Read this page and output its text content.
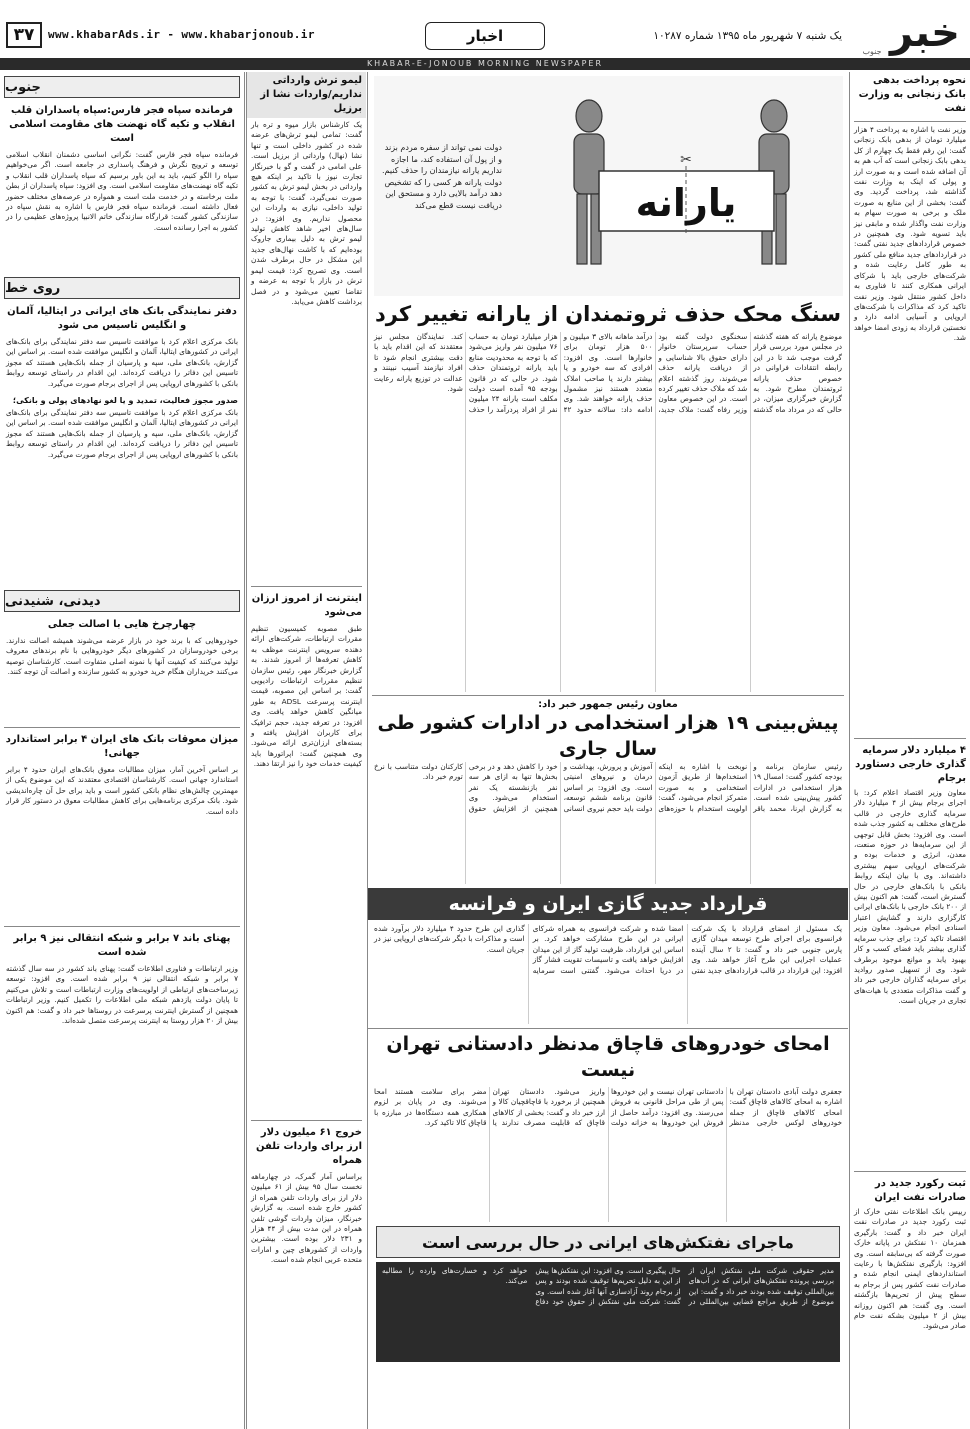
۳۷	www.khabarAds.ir - www.khabarjonoub.ir	اخبار	یک شنبه ۷ شهریور ماه ۱۳۹۵ شماره ۱۰۲۸۷ خبر
جنوب
KHABAR-E-JONOUB MORNING NEWSPAPER
نحوه پرداخت بدهی بانک زنجانی به وزارت نفت
وزیر نفت با اشاره به پرداخت ۴ هزار میلیارد تومان از بدهی بابک زنجانی گفت: این رقم فقط یک چهارم از کل بدهی بابک زنجانی است که آب هم به آن اضافه شده است و به صورت ارز و پولی که اینک به وزارت نفت گذاشته شد، پرداخت گردید. وی گفت: بخشی از این منابع به صورت ملک و برخی به صورت سهام به وزارت نفت واگذار شده و مابقی نیز باید تسویه شود. وی همچنین در خصوص قراردادهای جدید نفتی گفت: در قراردادهای جدید منافع ملی کشور به طور کامل رعایت شده و شرکت‌های خارجی باید با شرکای ایرانی همکاری کنند تا فناوری به داخل کشور منتقل شود. وزیر نفت تاکید کرد که مذاکرات با شرکت‌های اروپایی و آسیایی ادامه دارد و نخستین قرارداد به زودی امضا خواهد شد.
۴ میلیارد دلار سرمایه گذاری خارجی دستاورد برجام
معاون وزیر اقتصاد اعلام کرد: با اجرای برجام بیش از ۴ میلیارد دلار سرمایه گذاری خارجی در قالب طرح‌های مختلف به کشور جذب شده است. وی افزود: بخش قابل توجهی از این سرمایه‌ها در حوزه صنعت، معدن، انرژی و خدمات بوده و شرکت‌های اروپایی سهم بیشتری داشته‌اند. وی با بیان اینکه روابط بانکی با بانک‌های خارجی در حال گسترش است، گفت: هم اکنون بیش از ۲۰۰ بانک خارجی با بانک‌های ایرانی کارگزاری دارند و گشایش اعتبار اسنادی انجام می‌شود. معاون وزیر اقتصاد تاکید کرد: برای جذب سرمایه گذاری بیشتر باید فضای کسب و کار بهبود یابد و موانع موجود برطرف شود. وی از تسهیل صدور روادید برای سرمایه گذاران خارجی خبر داد و گفت مذاکرات متعددی با هیات‌های تجاری در جریان است.
ثبت رکورد جدید در صادرات نفت ایران
رییس بانک اطلاعات نفتی خارک از ثبت رکورد جدید در صادرات نفت ایران خبر داد و گفت: بارگیری همزمان ۱۰ نفتکش در پایانه خارک صورت گرفته که بی‌سابقه است. وی افزود: بارگیری نفتکش‌ها با رعایت استانداردهای ایمنی انجام شده و صادرات نفت کشور پس از برجام به سطح پیش از تحریم‌ها بازگشته است. وی گفت: هم اکنون روزانه بیش از ۲ میلیون بشکه نفت خام صادر می‌شود.
یارانه
✂
دولت نمی تواند از سفره مردم بزند و از پول آن استفاده کند، ما اجازه نداریم یارانه نیازمندان را حذف کنیم. دولت یارانه هر کسی را که تشخیص دهد درآمد بالایی دارد و مستحق این دریافت نیست قطع می‌کند
سنگ محک حذف ثروتمندان از یارانه تغییر کرد
موضوع یارانه که هفته گذشته در مجلس مورد بررسی قرار گرفت موجب شد تا در این رابطه انتقادات فراوانی در خصوص حذف یارانه ثروتمندان مطرح شود. به گزارش خبرگزاری میزان، در حالی که در مرداد ماه گذشته سخنگوی دولت گفته بود حساب سرپرستان خانوار دارای حقوق بالا شناسایی و از دریافت یارانه حذف می‌شوند، روز گذشته اعلام شد که ملاک حذف تغییر کرده است. در این خصوص معاون وزیر رفاه گفت: ملاک جدید، درآمد ماهانه بالای ۳ میلیون و ۵۰۰ هزار تومان برای خانوارها است. وی افزود: افرادی که سه خودرو و یا بیشتر دارند یا صاحب املاک متعدد هستند نیز مشمول حذف یارانه خواهند شد. وی ادامه داد: سالانه حدود ۴۲ هزار میلیارد تومان به حساب ۷۶ میلیون نفر واریز می‌شود که با توجه به محدودیت منابع باید یارانه ثروتمندان حذف شود. در حالی که در قانون بودجه ۹۵ آمده است دولت مکلف است یارانه ۲۴ میلیون نفر از افراد پردرآمد را حذف کند. نمایندگان مجلس نیز معتقدند که این اقدام باید با دقت بیشتری انجام شود تا افراد نیازمند آسیب نبینند و عدالت در توزیع یارانه رعایت شود.
معاون رئیس جمهور خبر داد:
پیش‌بینی ۱۹ هزار استخدامی در ادارات کشور طی سال جاری
رئیس سازمان برنامه و بودجه کشور گفت: امسال ۱۹ هزار استخدامی در ادارات کشور پیش‌بینی شده است. به گزارش ایرنا، محمد باقر نوبخت با اشاره به اینکه استخدام‌ها از طریق آزمون استخدامی و به صورت متمرکز انجام می‌شود، گفت: اولویت استخدام با حوزه‌های آموزش و پرورش، بهداشت و درمان و نیروهای امنیتی است. وی افزود: بر اساس قانون برنامه ششم توسعه، دولت باید حجم نیروی انسانی خود را کاهش دهد و در برخی بخش‌ها تنها به ازای هر سه نفر بازنشسته یک نفر استخدام می‌شود. وی همچنین از افزایش حقوق کارکنان دولت متناسب با نرخ تورم خبر داد.
قرارداد جدید گازی ایران و فرانسه
یک مسئول از امضای قرارداد با یک شرکت فرانسوی برای اجرای طرح توسعه میدان گازی پارس جنوبی خبر داد و گفت: تا ۲ سال آینده عملیات اجرایی این طرح آغاز خواهد شد. وی افزود: این قرارداد در قالب قراردادهای جدید نفتی امضا شده و شرکت فرانسوی به همراه شرکای ایرانی در این طرح مشارکت خواهد کرد. بر اساس این قرارداد، ظرفیت تولید گاز از این میدان افزایش خواهد یافت و تاسیسات تقویت فشار گاز در دریا احداث می‌شود. گفتنی است سرمایه گذاری این طرح حدود ۴ میلیارد دلار برآورد شده است و مذاکرات با دیگر شرکت‌های اروپایی نیز در جریان است.
امحای خودروهای قاچاق مدنظر دادستانی تهران نیست
جعفری دولت آبادی دادستان تهران با اشاره به امحای کالاهای قاچاق گفت: امحای کالاهای قاچاق از جمله خودروهای لوکس خارجی مدنظر دادستانی تهران نیست و این خودروها پس از طی مراحل قانونی به فروش می‌رسند. وی افزود: درآمد حاصل از فروش این خودروها به خزانه دولت واریز می‌شود. دادستان تهران همچنین از برخورد با قاچاقچیان کالا و ارز خبر داد و گفت: بخشی از کالاهای قاچاق که قابلیت مصرف ندارند یا مضر برای سلامت هستند امحا می‌شوند. وی در پایان بر لزوم همکاری همه دستگاه‌ها در مبارزه با قاچاق کالا تاکید کرد.
ماجرای نفتکش‌های ایرانی در حال بررسی است
مدیر حقوقی شرکت ملی نفتکش ایران از بررسی پرونده نفتکش‌های ایرانی که در آب‌های بین‌المللی توقیف شده بودند خبر داد و گفت: این موضوع از طریق مراجع قضایی بین‌المللی در حال پیگیری است. وی افزود: این نفتکش‌ها پیش از این به دلیل تحریم‌ها توقیف شده بودند و پس از برجام روند آزادسازی آنها آغاز شده است. وی گفت: شرکت ملی نفتکش از حقوق خود دفاع خواهد کرد و خسارت‌های وارده را مطالبه می‌کند.
لیمو ترش وارداتی نداریم/واردات نشا از برزیل
یک کارشناس بازار میوه و تره بار گفت: تمامی لیمو ترش‌های عرضه شده در کشور داخلی است و تنها نشا (نهال) وارداتی از برزیل است. علی امامی در گفت و گو با خبرنگار تجارت نیوز با تاکید بر اینکه هیچ وارداتی در بخش لیمو ترش به کشور صورت نمی‌گیرد، گفت: با توجه به تولید داخلی، نیازی به واردات این محصول نداریم. وی افزود: در سال‌های اخیر شاهد کاهش تولید لیمو ترش به دلیل بیماری جاروک بوده‌ایم که با کاشت نهال‌های جدید این مشکل در حال برطرف شدن است. وی تصریح کرد: قیمت لیمو ترش در بازار با توجه به عرضه و تقاضا تعیین می‌شود و در فصل برداشت کاهش می‌یابد.
اینترنت از امروز ارزان می‌شود
طبق مصوبه کمیسیون تنظیم مقررات ارتباطات، شرکت‌های ارائه دهنده سرویس اینترنت موظف به کاهش تعرفه‌ها از امروز شدند. به گزارش خبرنگار مهر، رئیس سازمان تنظیم مقررات ارتباطات رادیویی گفت: بر اساس این مصوبه، قیمت اینترنت پرسرعت ADSL به طور میانگین کاهش خواهد یافت. وی افزود: در تعرفه جدید، حجم ترافیک برای کاربران افزایش یافته و بسته‌های ارزان‌تری ارائه می‌شود. وی همچنین گفت: اپراتورها باید کیفیت خدمات خود را نیز ارتقا دهند.
خروج ۶۱ میلیون دلار ارز برای واردات تلفن همراه
براساس آمار گمرک، در چهارماهه نخست سال ۹۵ بیش از ۶۱ میلیون دلار ارز برای واردات تلفن همراه از کشور خارج شده است. به گزارش خبرنگار، میزان واردات گوشی تلفن همراه در این مدت بیش از ۴۴ هزار و ۲۳۱ دلار بوده است. بیشترین واردات از کشورهای چین و امارات متحده عربی انجام شده است.
جنوب
فرمانده سپاه فجر فارس:سپاه پاسداران قلب انقلاب و تکیه گاه نهضت های مقاومت اسلامی است
فرمانده سپاه فجر فارس گفت: نگرانی اساسی دشمنان انقلاب اسلامی توسعه و ترویج نگرش و فرهنگ پاسداری در جامعه است. اگر می‌خواهیم سپاه را الگو کنیم، باید به این باور برسیم که سپاه پاسداران قلب انقلاب و تکیه گاه نهضت‌های مقاومت اسلامی است. وی افزود: سپاه پاسداران از بطن ملت برخاسته و در خدمت ملت است و همواره در عرصه‌های مختلف حضور فعال داشته است. فرمانده سپاه فجر فارس با اشاره به نقش سپاه در سازندگی کشور گفت: قرارگاه سازندگی خاتم الانبیا پروژه‌های عظیمی را در کشور به اجرا رسانده است.
روی خط
دفتر نمایندگی بانک های ایرانی در ایتالیا، آلمان و انگلیس تاسیس می شود
بانک مرکزی اعلام کرد با موافقت تاسیس سه دفتر نمایندگی برای بانک‌های ایرانی در کشورهای ایتالیا، آلمان و انگلیس موافقت شده است. بر اساس این گزارش، بانک‌های ملی، سپه و پارسیان از جمله بانک‌هایی هستند که مجوز تاسیس این دفاتر را دریافت کرده‌اند. این اقدام در راستای توسعه روابط بانکی با کشورهای اروپایی پس از اجرای برجام صورت می‌گیرد.
صدور مجوز فعالیت، تمدید و یا لغو نهادهای پولی و بانکی؛
بانک مرکزی اعلام کرد با موافقت تاسیس سه دفتر نمایندگی برای بانک‌های ایرانی در کشورهای ایتالیا، آلمان و انگلیس موافقت شده است. بر اساس این گزارش، بانک‌های ملی، سپه و پارسیان از جمله بانک‌هایی هستند که مجوز تاسیس این دفاتر را دریافت کرده‌اند. این اقدام در راستای توسعه روابط بانکی با کشورهای اروپایی پس از اجرای برجام صورت می‌گیرد.
دیدنی، شنیدنی
چهارچرخ هایی با اصالت جعلی
خودروهایی که با برند خود در بازار عرضه می‌شوند همیشه اصالت ندارند. برخی خودروسازان در کشورهای دیگر خودروهایی با نام برندهای معروف تولید می‌کنند که کیفیت آنها با نمونه اصلی متفاوت است. کارشناسان توصیه می‌کنند خریداران هنگام خرید خودرو به کشور سازنده و اصالت آن توجه کنند.
میزان معوقات بانک های ایران ۴ برابر استاندارد جهانی!
بر اساس آخرین آمار، میزان مطالبات معوق بانک‌های ایران حدود ۴ برابر استاندارد جهانی است. کارشناسان اقتصادی معتقدند که این موضوع یکی از مهمترین چالش‌های نظام بانکی کشور است و باید برای حل آن چاره‌اندیشی شود. بانک مرکزی برنامه‌هایی برای کاهش مطالبات معوق در دستور کار قرار داده است.
پهنای باند ۷ برابر و شبکه انتقالی نیز ۹ برابر شده است
وزیر ارتباطات و فناوری اطلاعات گفت: پهنای باند کشور در سه سال گذشته ۷ برابر و شبکه انتقالی نیز ۹ برابر شده است. وی افزود: توسعه زیرساخت‌های ارتباطی از اولویت‌های وزارت ارتباطات است و تلاش می‌کنیم تا پایان دولت یازدهم شبکه ملی اطلاعات را تکمیل کنیم. وزیر ارتباطات همچنین از گسترش اینترنت پرسرعت در روستاها خبر داد و گفت: هم اکنون بیش از ۲۰ هزار روستا به اینترنت پرسرعت متصل شده‌اند.
